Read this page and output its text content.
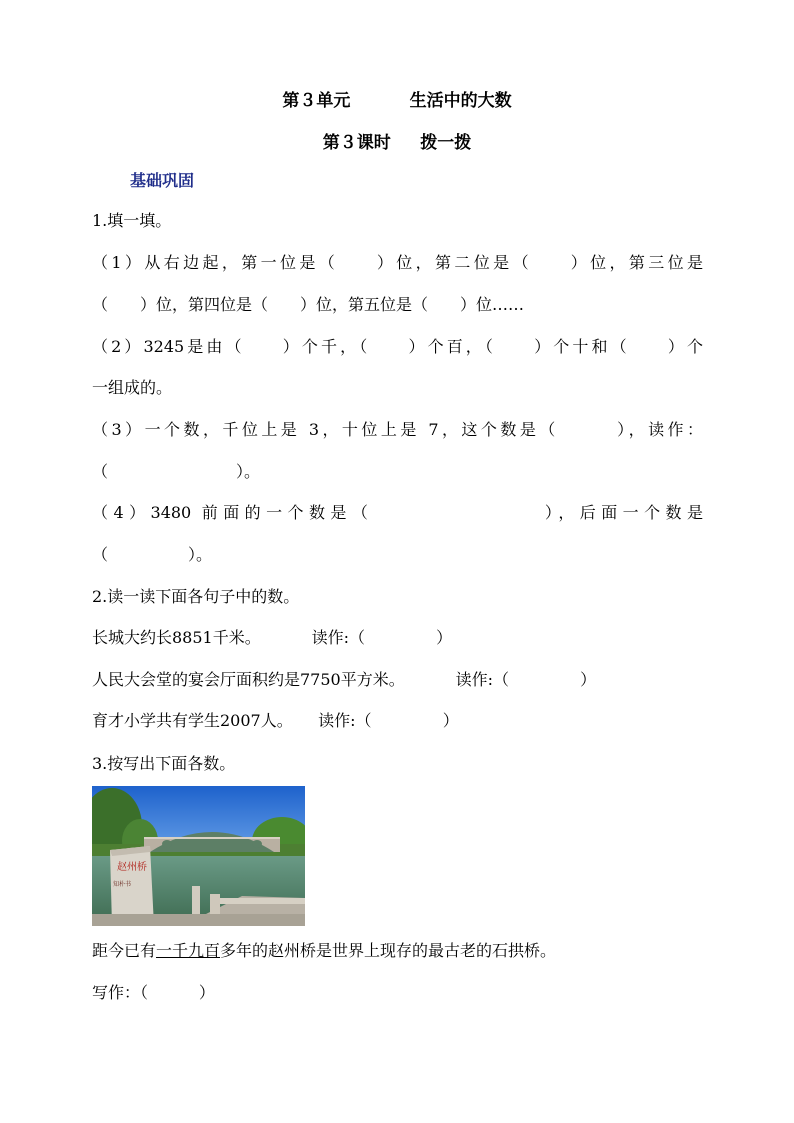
第３单元          生活中的大数
第３课时     拨一拨
基础巩固
1.填一填。
（1）从右边起，第一位是（　　）位，第二位是（　　）位，第三位是
（　　）位，第四位是（　　）位，第五位是（　　）位……
（2）3245是由（　　）个千，（　　）个百，（　　）个十和（　　）个
一组成的。
（3）一个数，千位上是 3，十位上是 7，这个数是（　　　），读作：
（　　　　　　　　）。
（4）3480 前面的一个数是（　　　　　　　　），后面一个数是
（　　　　　）。
2.读一读下面各句子中的数。
长城大约长8851千米。          读作:（              ）
人民大会堂的宴会厅面积约是7750平方米。          读作:（              ）
育才小学共有学生2007人。     读作:（              ）
3.按写出下面各数。
赵州桥
知朴书
距今已有一千九百多年的赵州桥是世界上现存的最古老的石拱桥。
写作：（          ）
